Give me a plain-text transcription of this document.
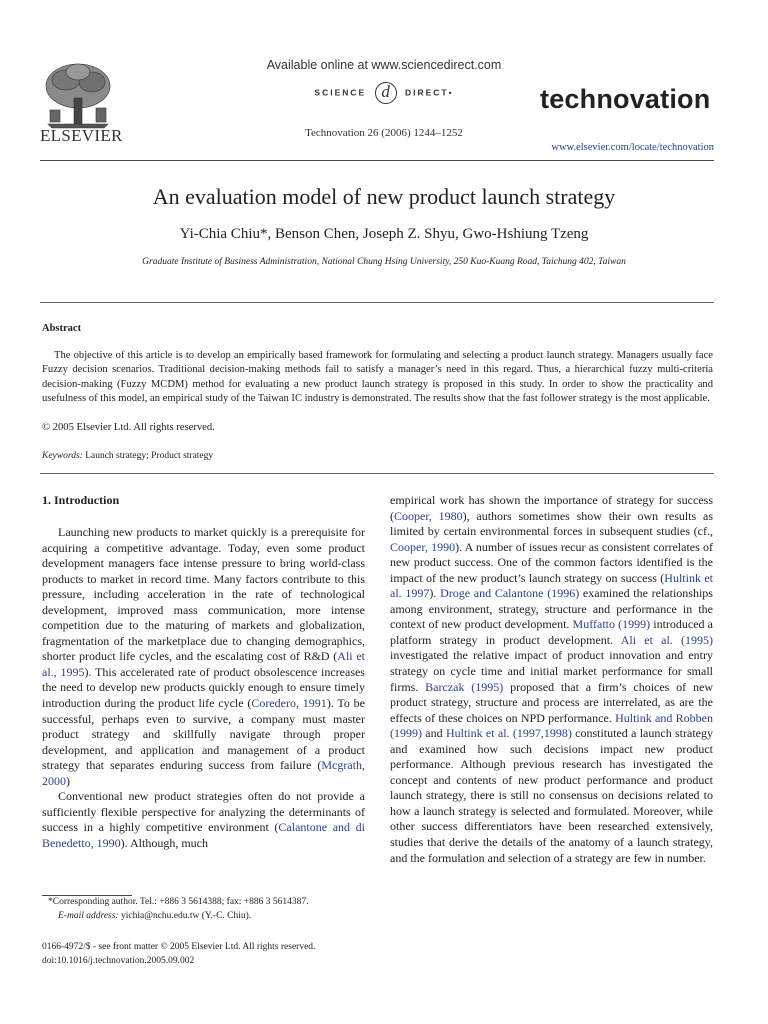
ELSEVIER
Available online at www.sciencedirect.com
SCIENCE d DIRECT•
Technovation 26 (2006) 1244–1252
technovation
www.elsevier.com/locate/technovation
An evaluation model of new product launch strategy
Yi-Chia Chiu*, Benson Chen, Joseph Z. Shyu, Gwo-Hshiung Tzeng
Graduate Institute of Business Administration, National Chung Hsing University, 250 Kuo-Kuang Road, Taichung 402, Taiwan
Abstract

The objective of this article is to develop an empirically based framework for formulating and selecting a product launch strategy. Managers usually face Fuzzy decision scenarios. Traditional decision-making methods fail to satisfy a manager’s need in this regard. Thus, a hierarchical fuzzy multi-criteria decision-making (Fuzzy MCDM) method for evaluating a new product launch strategy is proposed in this study. In order to show the practicality and usefulness of this model, an empirical study of the Taiwan IC industry is demonstrated. The results show that the fast follower strategy is the most applicable.

© 2005 Elsevier Ltd. All rights reserved.
Keywords: Launch strategy; Product strategy
1. Introduction

Launching new products to market quickly is a prerequisite for acquiring a competitive advantage. Today, even some product development managers face intense pressure to bring world-class products to market in record time. Many factors contribute to this pressure, including acceleration in the rate of technological development, improved mass communication, more intense competition due to the maturing of markets and globalization, fragmentation of the marketplace due to changing demographics, shorter product life cycles, and the escalating cost of R&D (Ali et al., 1995). This accelerated rate of product obsolescence increases the need to develop new products quickly enough to ensure timely introduction during the product life cycle (Coredero, 1991). To be successful, perhaps even to survive, a company must master product strategy and skillfully navigate through proper development, and application and management of a product strategy that separates enduring success from failure (Mcgrath, 2000)

Conventional new product strategies often do not provide a sufficiently flexible perspective for analyzing the determinants of success in a highly competitive environment (Calantone and di Benedetto, 1990). Although, much

empirical work has shown the importance of strategy for success (Cooper, 1980), authors sometimes show their own results as limited by certain environmental forces in subsequent studies (cf., Cooper, 1990). A number of issues recur as consistent correlates of new product success. One of the common factors identified is the impact of the new product’s launch strategy on success (Hultink et al. 1997). Droge and Calantone (1996) examined the relationships among environment, strategy, structure and performance in the context of new product development. Muffatto (1999) introduced a platform strategy in product development. Ali et al. (1995) investigated the relative impact of product innovation and entry strategy on cycle time and initial market performance for small firms. Barczak (1995) proposed that a firm’s choices of new product strategy, structure and process are interrelated, as are the effects of these choices on NPD performance. Hultink and Robben (1999) and Hultink et al. (1997,1998) constituted a launch strategy and examined how such decisions impact new product performance. Although previous research has investigated the concept and contents of new product performance and product launch strategy, there is still no consensus on decisions related to how a launch strategy is selected and formulated. Moreover, while other success differentiators have been researched extensively, studies that derive the details of the anatomy of a launch strategy, and the formulation and selection of a strategy are few in number.

*Corresponding author. Tel.: +886 3 5614388; fax: +886 3 5614387.
E-mail address: yichia@nchu.edu.tw (Y.-C. Chiu).
0166-4972/$ - see front matter © 2005 Elsevier Ltd. All rights reserved.
doi:10.1016/j.technovation.2005.09.002
